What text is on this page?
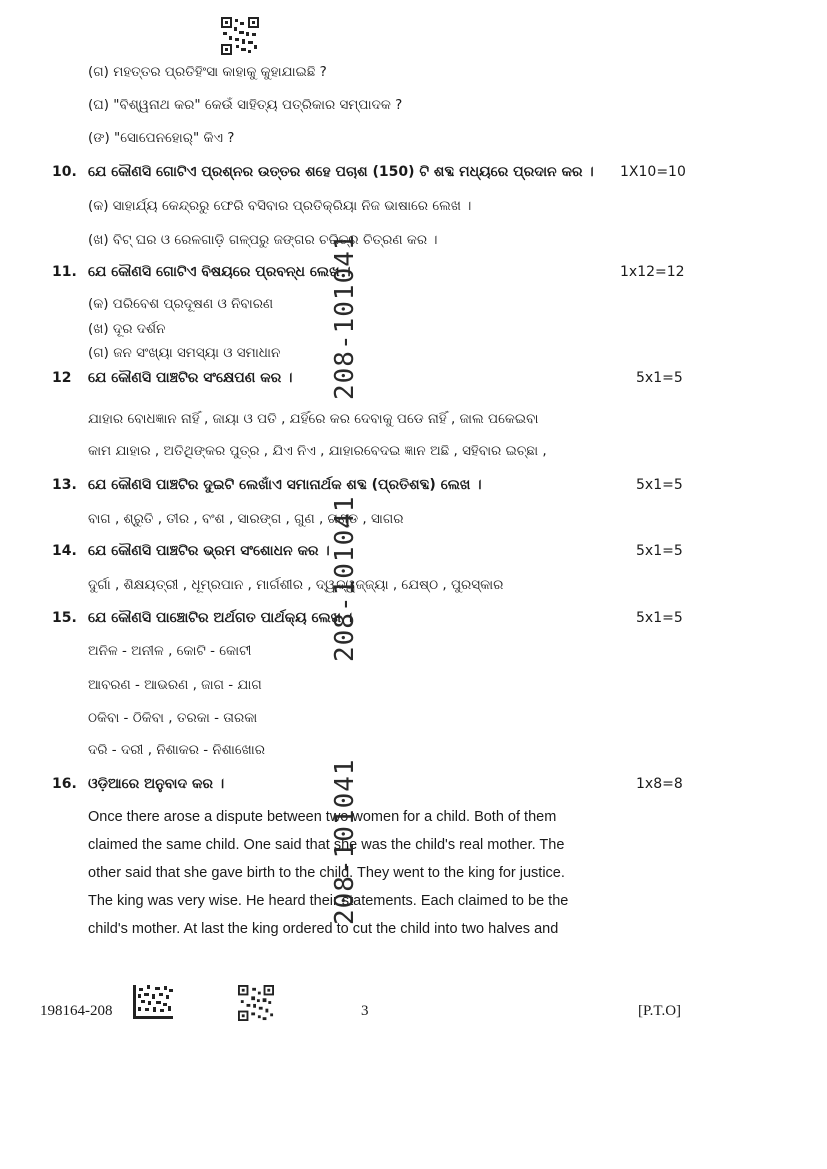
(ଗ) ମହତ୍ତର ପ୍ରତିହିଂସା କାହାକୁ କୁହାଯାଇଛି ?
(ଘ) "ବିଶ୍ୱନାଥ କର" କେଉଁ ସାହିତ୍ୟ ପତ୍ରିକାର ସମ୍ପାଦକ ?
(ଙ) "ସୋପେନହୋର୍" କିଏ ?
10. ଯେ କୌଣସି ଗୋଟିଏ ପ୍ରଶ୍ନର ଉତ୍ତର ଶହେ ପଚାଶ (150) ଟି ଶବ୍ଦ ମଧ୍ୟରେ ପ୍ରଦାନ କର । 1X10=10
(କ) ସାହାର୍ଯ୍ୟ କେନ୍ଦ୍ରରୁ ଫେରି ବସିବାର ପ୍ରତିକ୍ରିୟା ନିଜ ଭାଷାରେ ଲେଖ ।
(ଖ) ବିଟ୍ ଘର ଓ ରେଳଗାଡ଼ି ଗଳ୍ପରୁ ଜଙ୍ଗର ଚରିତ୍ର ଚିତ୍ରଣ କର ।
11. ଯେ କୌଣସି ଗୋଟିଏ ବିଷୟରେ ପ୍ରବନ୍ଧ ଲେଖ ।	1x12=12
(କ) ପରିବେଶ ପ୍ରଦୂଷଣ ଓ ନିବାରଣ
(ଖ) ଦୂର ଦର୍ଶନ
(ଗ) ଜନ ସଂଖ୍ୟା ସମସ୍ୟା ଓ ସମାଧାନ
12 ଯେ କୌଣସି ପାଞ୍ଚଟିର ସଂକ୍ଷେପଣ କର ।	5x1=5
ଯାହାର ବୋଧଜ୍ଞାନ ନାହିଁ , ଜାୟା ଓ ପତି , ଯହିଁରେ କର ଦେବାକୁ ପଡେ ନାହିଁ , ଜାଲ ପକେଇବା
କାମ ଯାହାର , ଅତିଥିଙ୍କର ପୁତ୍ର , ଯିଏ ନିଏ , ଯାହାରବେଦଇ ଜ୍ଞାନ ଅଛି , ସହିବାର ଇଚ୍ଛା ,
13. ଯେ କୌଣସି ପାଞ୍ଚଟିର ଦୁଇଟି ଲେଖାଁଏ ସମାନାର୍ଥକ ଶବ୍ଦ (ପ୍ରତିଶବ୍ଦ) ଲେଖ ।	5x1=5
ବାଗ , ଶ୍ରୁତି , ତୀର , ବଂଶ , ସାରଙ୍ଗ , ଗୁଣ , ଗଣ୍ଡ , ସାଗର
14. ଯେ କୌଣସି ପାଞ୍ଚଟିର ଭ୍ରମ ସଂଶୋଧନ କର ।	5x1=5
ଦୁର୍ଗା , ଶିକ୍ଷୟତ୍ରୀ , ଧୂମ୍ରପାନ , ମାର୍ଗଶୀର , ଦ୍ୱନ୍ଦ୍ୱଜ୍ଜ୍ୟା , ଯେଷ୍ଠ , ପୁରସ୍କାର
15. ଯେ କୌଣସି ପାଞ୍ଚୋଟିର ଅର୍ଥଗତ ପାର୍ଥକ୍ୟ ଲେଖ ।	5x1=5
ଅନିଳ - ଅନୀଳ , କୋଟି - କୋଟୀ
ଆବରଣ - ଆଭରଣ , ଜାଗ - ଯାଗ
ଠକିବା - ଠିକିବା , ତରକା - ତାରକା
ଦରି - ଦରୀ , ନିଶାକର - ନିଶାଖୋର
16. ଓଡ଼ିଆରେ ଅନୁବାଦ କର ।	1x8=8
Once there arose a dispute between two women for a child. Both of them
claimed the same child. One said that she was the child's real mother. The
other said that she gave birth to the child. They went to the king for justice.
The king was very wise. He heard their statements. Each claimed to be the
child's mother. At last the king ordered to cut the child into two halves and
208-101041
208-101041
208-101041
198164-208	3	[P.T.O]
